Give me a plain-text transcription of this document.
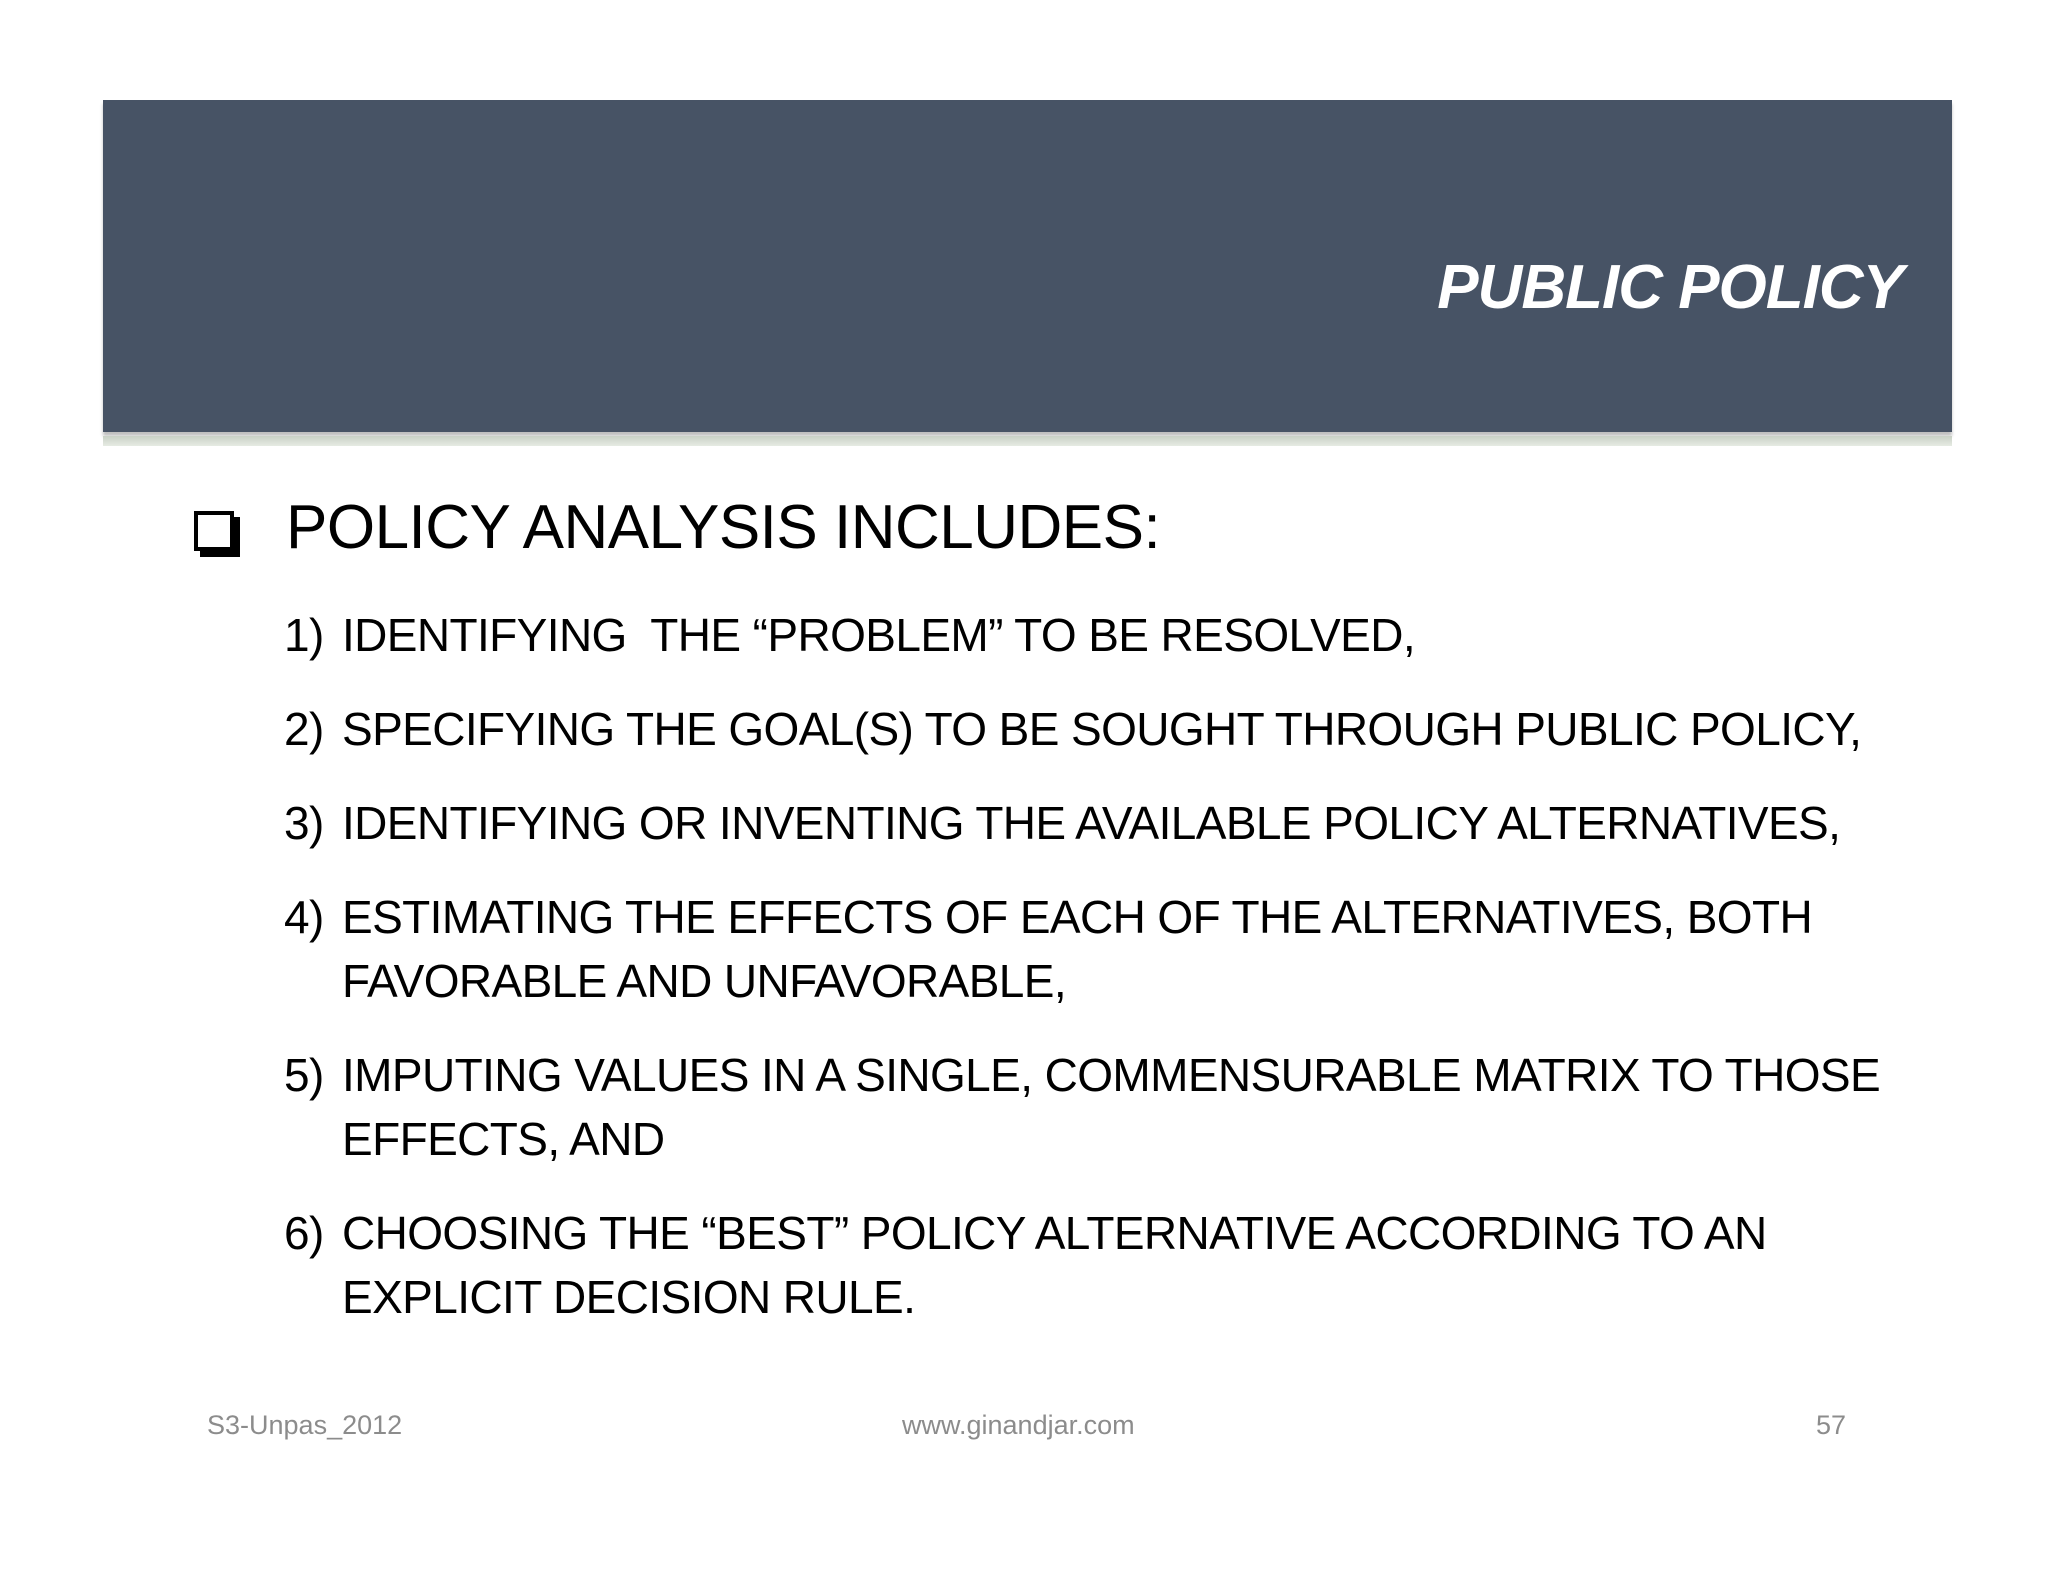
PUBLIC POLICY
POLICY ANALYSIS INCLUDES:
1) IDENTIFYING  THE “PROBLEM” TO BE RESOLVED,
2) SPECIFYING THE GOAL(S) TO BE SOUGHT THROUGH PUBLIC POLICY,
3) IDENTIFYING OR INVENTING THE AVAILABLE POLICY ALTERNATIVES,
4) ESTIMATING THE EFFECTS OF EACH OF THE ALTERNATIVES, BOTH FAVORABLE AND UNFAVORABLE,
5) IMPUTING VALUES IN A SINGLE, COMMENSURABLE MATRIX TO THOSE EFFECTS, AND
6) CHOOSING THE “BEST” POLICY ALTERNATIVE ACCORDING TO AN EXPLICIT DECISION RULE.
S3-Unpas_2012	www.ginandjar.com	57
